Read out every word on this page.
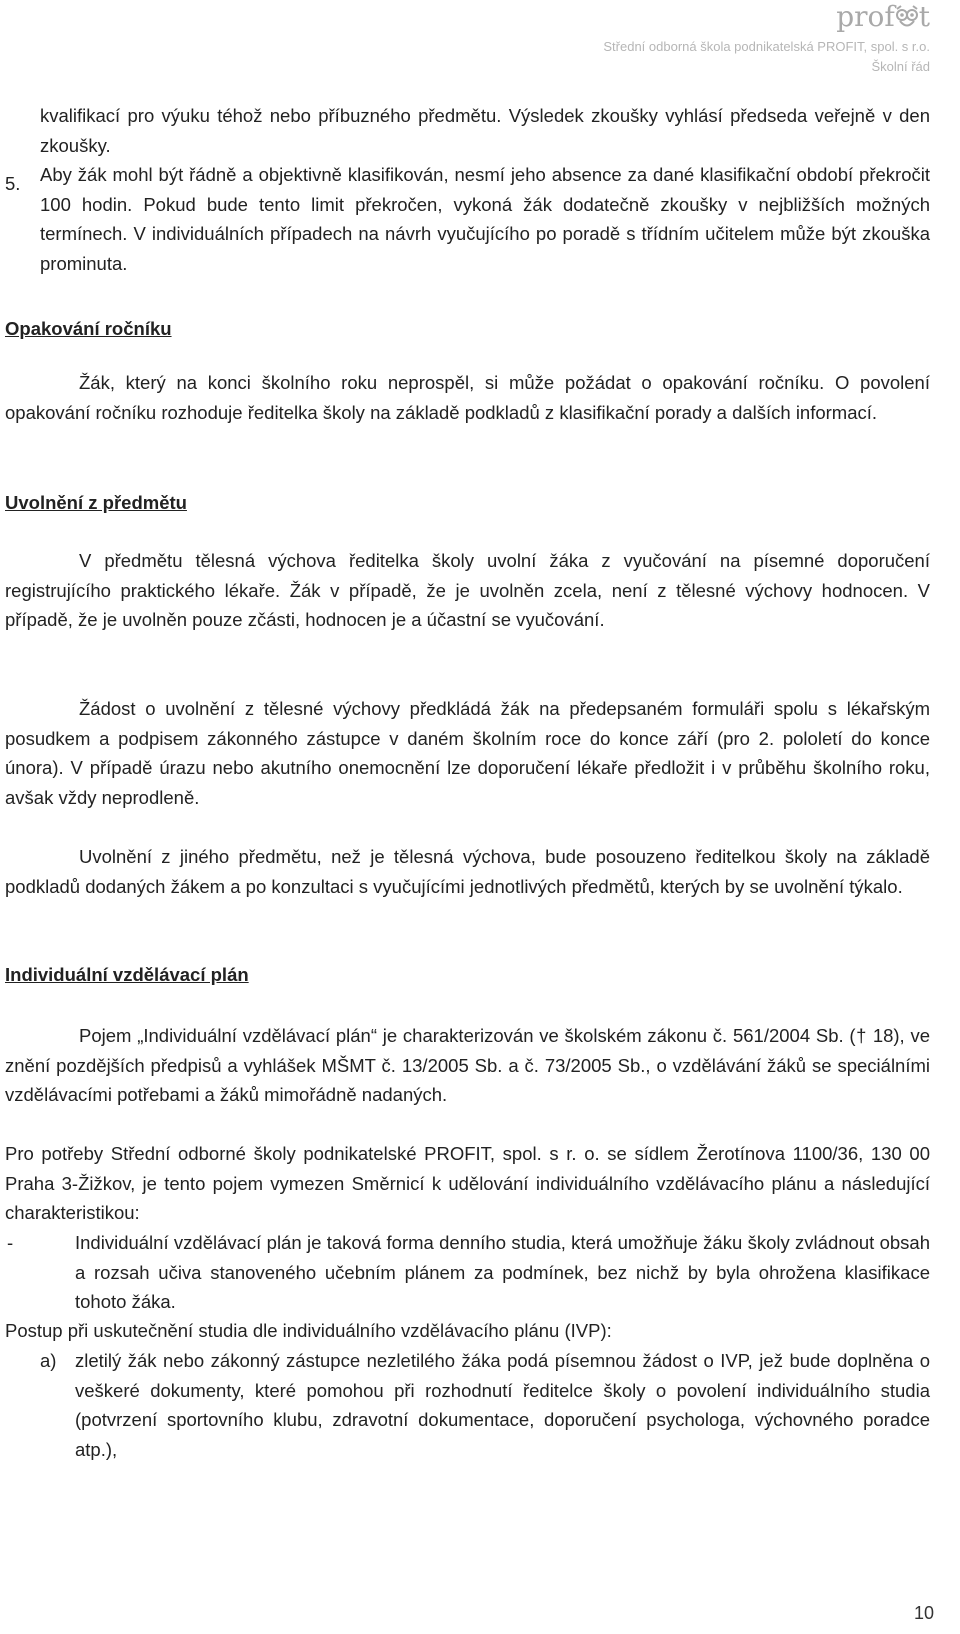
prof t
Střední odborná škola podnikatelská PROFIT, spol. s r.o.
Školní řád

kvalifikací pro výuku téhož nebo příbuzného předmětu. Výsledek zkoušky vyhlásí předseda veřejně v den zkoušky.

5. Aby žák mohl být řádně a objektivně klasifikován, nesmí jeho absence za dané klasifikační období překročit 100 hodin. Pokud bude tento limit překročen, vykoná žák dodatečně zkoušky v nejbližších možných termínech. V individuálních případech na návrh vyučujícího po poradě s třídním učitelem může být zkouška prominuta.

Opakování ročníku

Žák, který na konci školního roku neprospěl, si může požádat o opakování ročníku. O povolení opakování ročníku rozhoduje ředitelka školy na základě podkladů z klasifikační porady a dalších informací.

Uvolnění z předmětu

V předmětu tělesná výchova ředitelka školy uvolní žáka z vyučování na písemné doporučení registrujícího praktického lékaře. Žák v případě, že je uvolněn zcela, není z tělesné výchovy hodnocen. V případě, že je uvolněn pouze zčásti, hodnocen je a účastní se vyučování.

Žádost o uvolnění z tělesné výchovy předkládá žák na předepsaném formuláři spolu s lékařským posudkem a podpisem zákonného zástupce v daném školním roce do konce září (pro 2. pololetí do konce února). V případě úrazu nebo akutního onemocnění lze doporučení lékaře předložit i v průběhu školního roku, avšak vždy neprodleně.

Uvolnění z jiného předmětu, než je tělesná výchova, bude posouzeno ředitelkou školy na základě podkladů dodaných žákem a po konzultaci s vyučujícími jednotlivých předmětů, kterých by se uvolnění týkalo.

Individuální vzdělávací plán

Pojem „Individuální vzdělávací plán“ je charakterizován ve školském zákonu č. 561/2004 Sb. († 18), ve znění pozdějších předpisů a vyhlášek MŠMT č. 13/2005 Sb. a č. 73/2005 Sb., o vzdělávání žáků se speciálními vzdělávacími potřebami a žáků mimořádně nadaných.

Pro potřeby Střední odborné školy podnikatelské PROFIT, spol. s r. o. se sídlem Žerotínova 1100/36, 130 00 Praha 3-Žižkov, je tento pojem vymezen Směrnicí k udělování individuálního vzdělávacího plánu a následující charakteristikou:

-	Individuální vzdělávací plán je taková forma denního studia, která umožňuje žáku školy zvládnout obsah a rozsah učiva stanoveného učebním plánem za podmínek, bez nichž by byla ohrožena klasifikace tohoto žáka.

Postup při uskutečnění studia dle individuálního vzdělávacího plánu (IVP):

a) zletilý žák nebo zákonný zástupce nezletilého žáka podá písemnou žádost o IVP, jež bude doplněna o veškeré dokumenty, které pomohou při rozhodnutí ředitelce školy o povolení individuálního studia (potvrzení sportovního klubu, zdravotní dokumentace, doporučení psychologa, výchovného poradce atp.),
10
